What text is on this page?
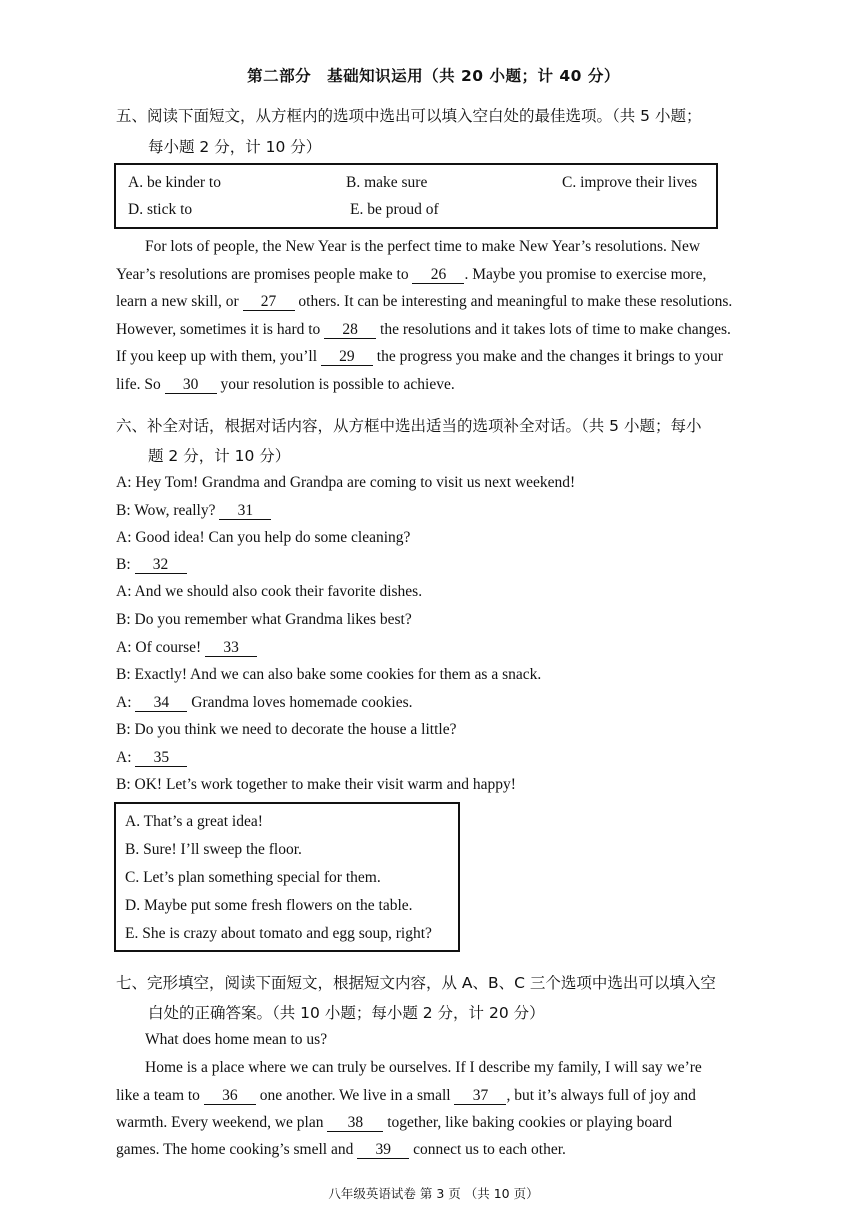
第二部分　基础知识运用（共 20 小题；计 40 分）
五、阅读下面短文，从方框内的选项中选出可以填入空白处的最佳选项。（共 5 小题；
每小题 2 分，计 10 分）
A. be kinder to	B. make sure	C. improve their lives
D. stick to	E. be proud of
For lots of people, the New Year is the perfect time to make New Year’s resolutions. New
Year’s resolutions are promises people make to 26 . Maybe you promise to exercise more,
learn a new skill, or 27 others. It can be interesting and meaningful to make these resolutions.
However, sometimes it is hard to 28 the resolutions and it takes lots of time to make changes.
If you keep up with them, you’ll 29 the progress you make and the changes it brings to your
life. So 30 your resolution is possible to achieve.
六、补全对话，根据对话内容，从方框中选出适当的选项补全对话。（共 5 小题；每小
题 2 分，计 10 分）
A: Hey Tom! Grandma and Grandpa are coming to visit us next weekend!
B: Wow, really? 31
A: Good idea! Can you help do some cleaning?
B: 32
A: And we should also cook their favorite dishes.
B: Do you remember what Grandma likes best?
A: Of course! 33
B: Exactly! And we can also bake some cookies for them as a snack.
A: 34 Grandma loves homemade cookies.
B: Do you think we need to decorate the house a little?
A: 35
B: OK! Let’s work together to make their visit warm and happy!
A. That’s a great idea!
B. Sure! I’ll sweep the floor.
C. Let’s plan something special for them.
D. Maybe put some fresh flowers on the table.
E. She is crazy about tomato and egg soup, right?
七、完形填空，阅读下面短文，根据短文内容，从 A、B、C 三个选项中选出可以填入空
白处的正确答案。（共 10 小题；每小题 2 分，计 20 分）
What does home mean to us?
Home is a place where we can truly be ourselves. If I describe my family, I will say we’re
like a team to 36 one another. We live in a small 37 , but it’s always full of joy and
warmth. Every weekend, we plan 38 together, like baking cookies or playing board
games. The home cooking’s smell and 39 connect us to each other.
八年级英语试卷 第 3 页 （共 10 页）
